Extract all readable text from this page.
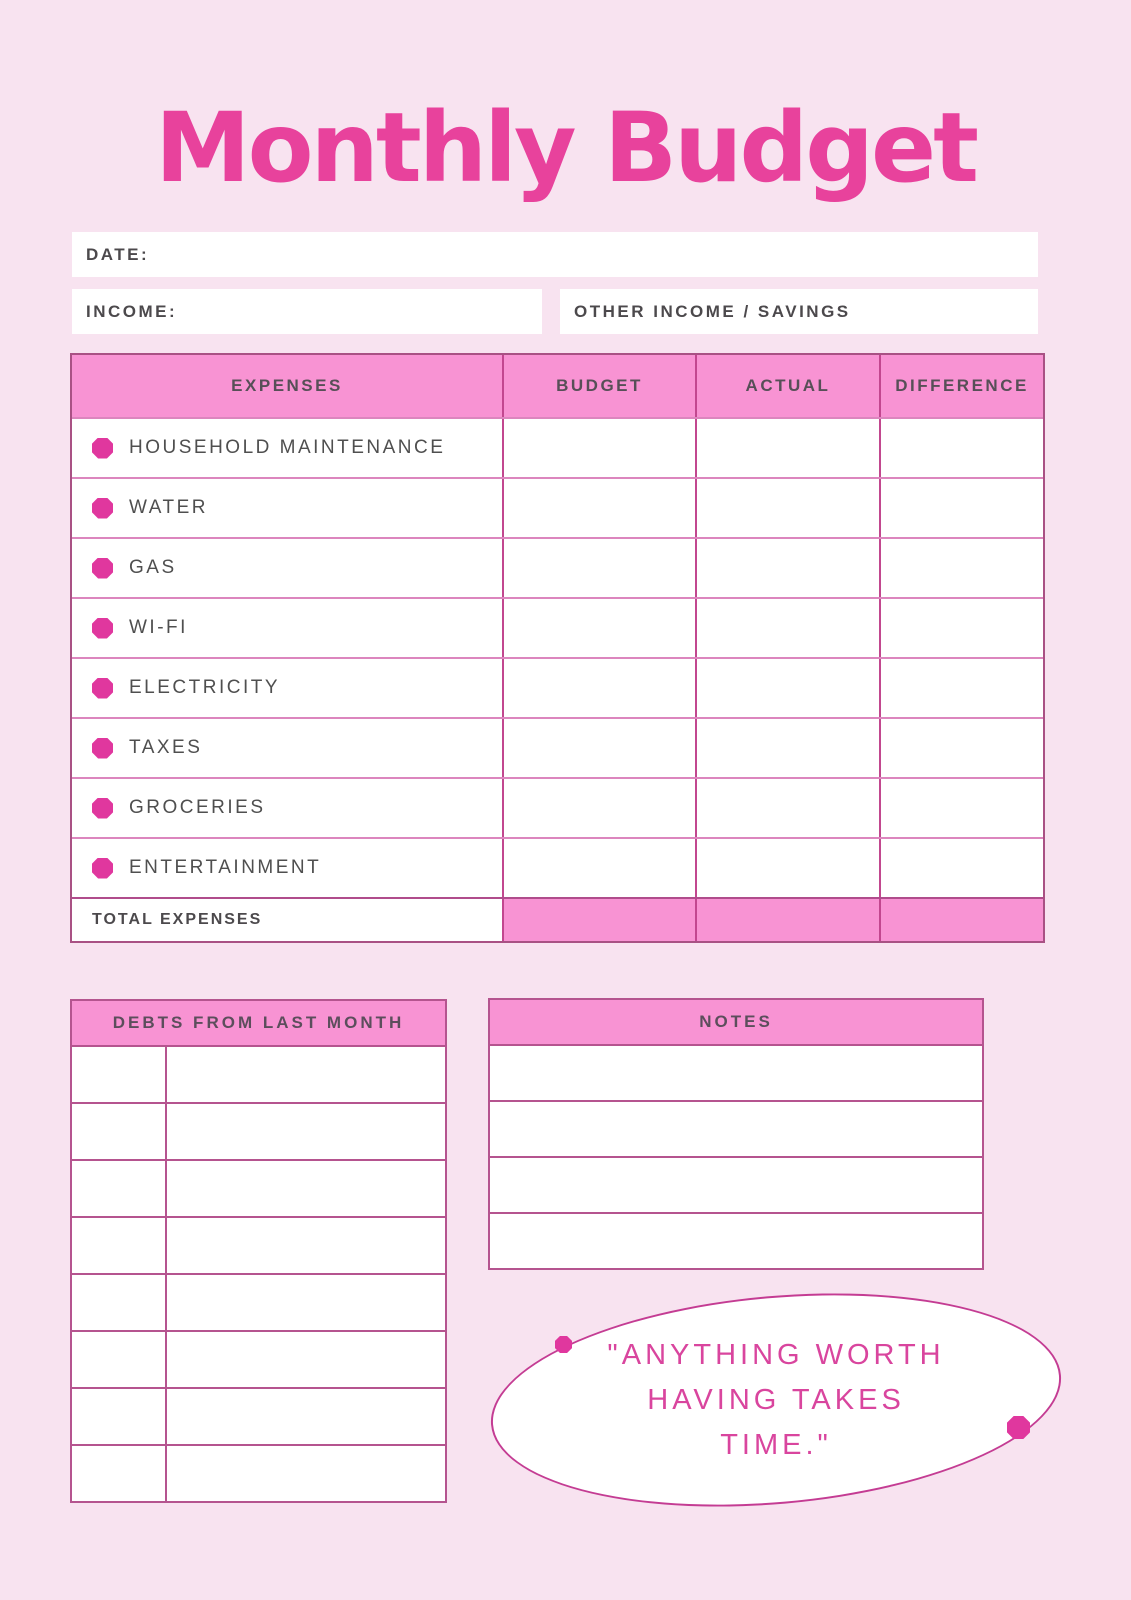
Monthly Budget
DATE:
INCOME:	OTHER INCOME / SAVINGS
EXPENSES	BUDGET	ACTUAL	DIFFERENCE
HOUSEHOLD MAINTENANCE
WATER
GAS
WI-FI
ELECTRICITY
TAXES
GROCERIES
ENTERTAINMENT
TOTAL EXPENSES
DEBTS FROM LAST MONTH	NOTES
"ANYTHING WORTH HAVING TAKES TIME."
